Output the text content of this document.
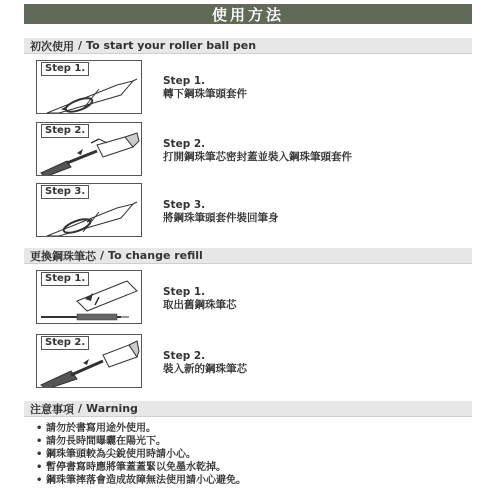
使用方法
初次使用 / To start your roller ball pen
Step 1.
Step 1.
轉下鋼珠筆頭套件
Step 2.
Step 2.
打開鋼珠筆芯密封蓋並裝入鋼珠筆頭套件
Step 3.
Step 3.
將鋼珠筆頭套件裝回筆身
更換鋼珠筆芯 / To change refill
Step 1.
Step 1.
取出舊鋼珠筆芯
Step 2.
Step 2.
裝入新的鋼珠筆芯
注意事項 / Warning
• 請勿於書寫用途外使用。
• 請勿長時間曝曬在陽光下。
• 鋼珠筆頭較為尖銳使用時請小心。
• 暫停書寫時應將筆蓋蓋緊以免墨水乾掉。
• 鋼珠筆摔落會造成故障無法使用請小心避免。
